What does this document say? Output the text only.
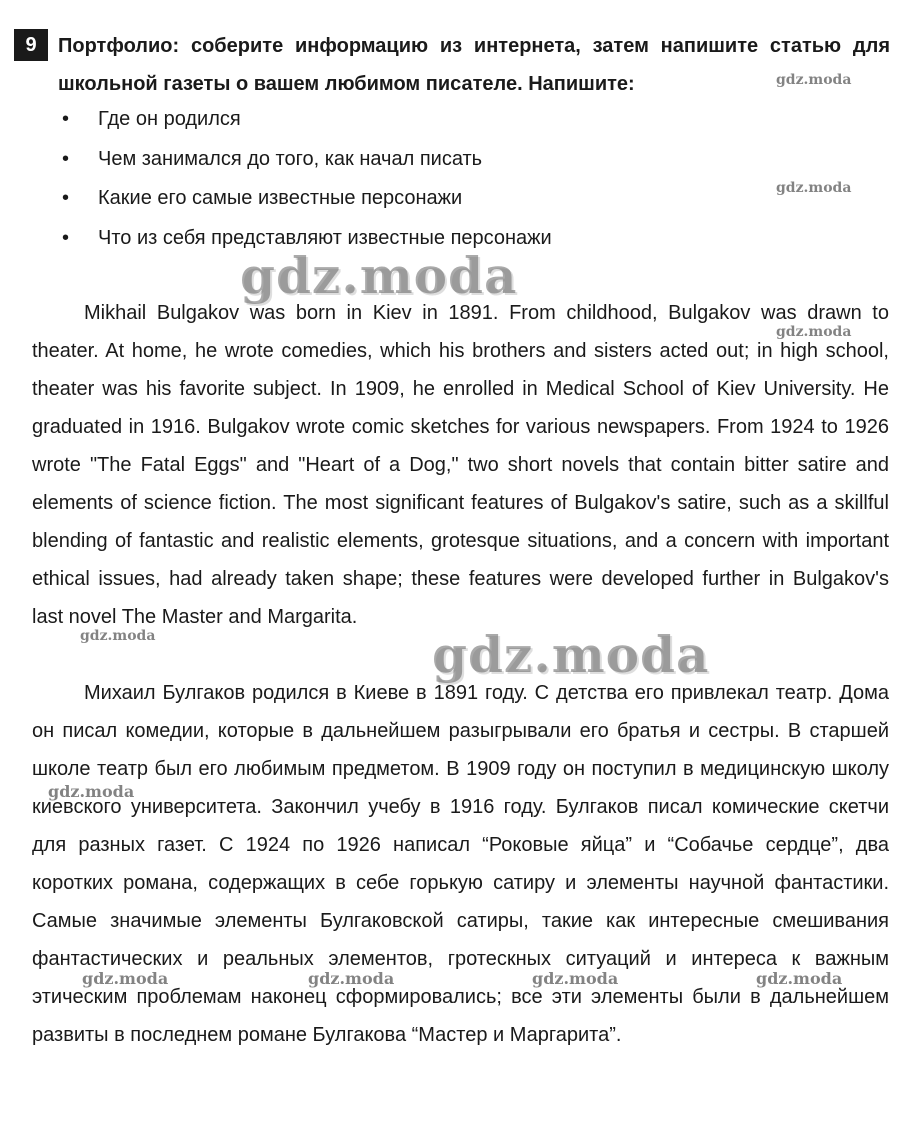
9	Портфолио: соберите информацию из интернета, затем напишите статью для школьной газеты о вашем любимом писателе. Напишите:
•	Где он родился
•	Чем занимался до того, как начал писать
•	Какие его самые известные персонажи
•	Что из себя представляют известные персонажи

Mikhail Bulgakov was born in Kiev in 1891. From childhood, Bulgakov was drawn to theater. At home, he wrote comedies, which his brothers and sisters acted out; in high school, theater was his favorite subject. In 1909, he enrolled in Medical School of Kiev University. He graduated in 1916. Bulgakov wrote comic sketches for various newspapers. From 1924 to 1926 wrote "The Fatal Eggs" and "Heart of a Dog," two short novels that contain bitter satire and elements of science fiction. The most significant features of Bulgakov's satire, such as a skillful blending of fantastic and realistic elements, grotesque situations, and a concern with important ethical issues, had already taken shape; these features were developed further in Bulgakov's last novel The Master and Margarita.

Михаил Булгаков родился в Киеве в 1891 году. С детства его привлекал театр. Дома он писал комедии, которые в дальнейшем разыгрывали его братья и сестры. В старшей школе театр был его любимым предметом. В 1909 году он поступил в медицинскую школу киевского университета. Закончил учебу в 1916 году. Булгаков писал комические скетчи для разных газет. С 1924 по 1926 написал “Роковые яйца” и “Собачье сердце”, два коротких романа, содержащих в себе горькую сатиру и элементы научной фантастики. Самые значимые элементы Булгаковской сатиры, такие как интересные смешивания фантастических и реальных элементов, гротескных ситуаций и интереса к важным этическим проблемам наконец сформировались; все эти элементы были в дальнейшем развиты в последнем романе Булгакова “Мастер и Маргарита”.

gdz.moda
gdz.moda
gdz.moda
gdz.moda
gdz.moda
gdz.moda
gdz.moda
gdz.moda	gdz.moda	gdz.moda	gdz.moda
